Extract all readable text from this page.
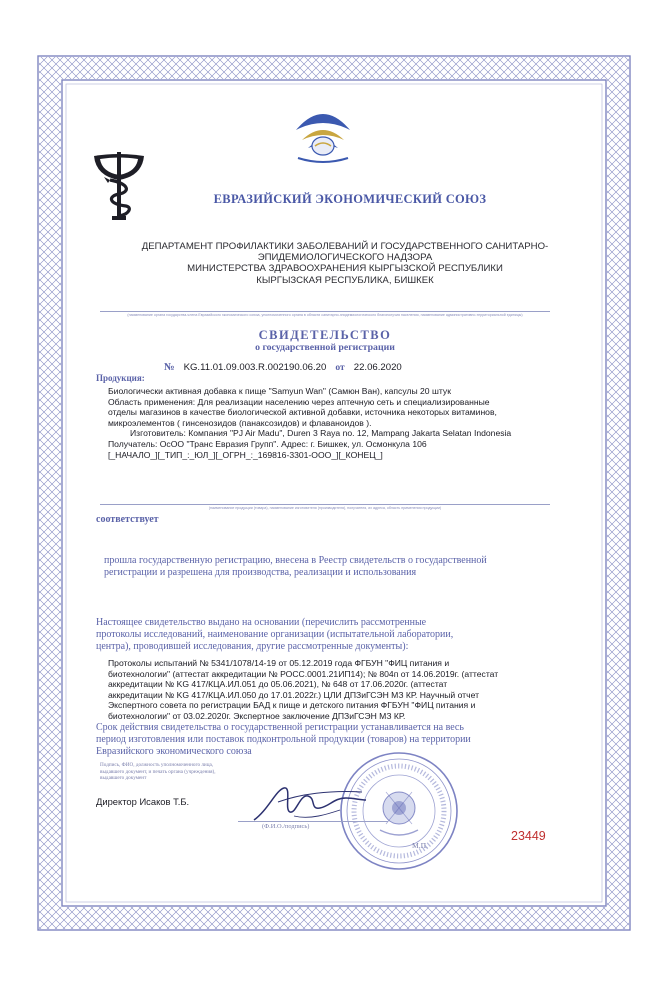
ЕВРАЗИЙСКИЙ ЭКОНОМИЧЕСКИЙ СОЮЗ
ДЕПАРТАМЕНТ ПРОФИЛАКТИКИ ЗАБОЛЕВАНИЙ И ГОСУДАРСТВЕННОГО САНИТАРНО-
ЭПИДЕМИОЛОГИЧЕСКОГО НАДЗОРА
МИНИСТЕРСТВА ЗДРАВООХРАНЕНИЯ КЫРГЫЗСКОЙ РЕСПУБЛИКИ
КЫРГЫЗСКАЯ РЕСПУБЛИКА, БИШКЕК
(наименование органа государства-члена Евразийского экономического союза, уполномоченного органа в области санитарно-эпидемиологического благополучия населения, наименование административно-территориальной единицы)
СВИДЕТЕЛЬСТВО
о государственной регистрации
№ KG.11.01.09.003.R.002190.06.20 от 22.06.2020
Продукция:
Биологически активная добавка к пище "Samyun Wan" (Самюн Ван), капсулы 20 штук
Область применения: Для реализации населению через аптечную сеть и специализированные
отделы магазинов в качестве биологической активной добавки, источника некоторых витаминов,
микроэлементов ( гинсенозидов (панаксозидов) и флаваноидов ).
Изготовитель: Компания "PJ Air Madu", Duren 3 Raya no. 12, Mampang Jakarta Selatan Indonesia
Получатель: ОсОО "Транс Евразия Групп". Адрес: г. Бишкек, ул. Осмонкула 106
[_НАЧАЛО_][_ТИП_:_ЮЛ_][_ОГРН_:_169816-3301-ООО_][_КОНЕЦ_]
(наименование продукции (товара), наименование изготовителя (производителя), получателя, их адреса, область применения продукции)
соответствует
прошла государственную регистрацию, внесена в Реестр свидетельств о государственной
регистрации и разрешена для производства, реализации и использования
Настоящее свидетельство выдано на основании (перечислить рассмотренные
протоколы исследований, наименование организации (испытательной лаборатории,
центра), проводившей исследования, другие рассмотренные документы):
Протоколы испытаний № 5341/1078/14-19 от 05.12.2019 года ФГБУН "ФИЦ питания и
биотехнологии" (аттестат аккредитации № РОСС.0001.21ИП14); № 804п от 14.06.2019г. (аттестат
аккредитации № KG 417/КЦА.ИЛ.051 до 05.06.2021), № 648 от 17.06.2020г. (аттестат
аккредитации № KG 417/КЦА.ИЛ.050 до 17.01.2022г.) ЦЛИ ДПЗиГСЭН МЗ КР. Научный отчет
Экспертного совета по регистрации БАД к пище и детского питания ФГБУН "ФИЦ питания и
биотехнологии" от 03.02.2020г. Экспертное заключение ДПЗиГСЭН МЗ КР.
Срок действия свидетельства о государственной регистрации устанавливается на весь
период изготовления или поставок подконтрольной продукции (товаров) на территории
Евразийского экономического союза
Подпись, ФИО, должность уполномоченного лица,
выдавшего документ, и печать органа (учреждения),
выдавшего документ
Директор Исаков Т.Б.
(Ф.И.О./подпись)
М.П.
23449
